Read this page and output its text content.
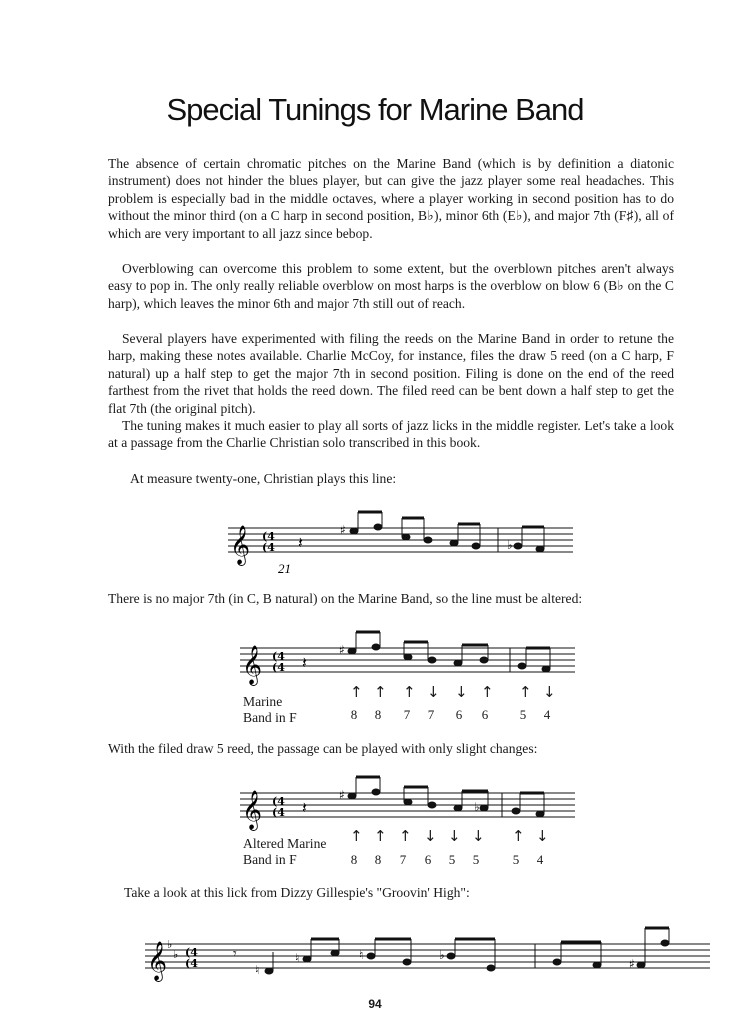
Special Tunings for Marine Band

The absence of certain chromatic pitches on the Marine Band (which is by definition a diatonic instrument) does not hinder the blues player, but can give the jazz player some real headaches. This problem is especially bad in the middle octaves, where a player working in second position has to do without the minor third (on a C harp in second position, B♭), minor 6th (E♭), and major 7th (F♯), all of which are very important to all jazz since bebop.

Overblowing can overcome this problem to some extent, but the overblown pitches aren't always easy to pop in. The only really reliable overblow on most harps is the overblow on blow 6 (B♭ on the C harp), which leaves the minor 6th and major 7th still out of reach.

Several players have experimented with filing the reeds on the Marine Band in order to retune the harp, making these notes available. Charlie McCoy, for instance, files the draw 5 reed (on a C harp, F natural) up a half step to get the major 7th in second position. Filing is done on the end of the reed farthest from the rivet that holds the reed down. The filed reed can be bent down a half step to get the flat 7th (the original pitch).

The tuning makes it much easier to play all sorts of jazz licks in the middle register. Let's take a look at a passage from the Charlie Christian solo transcribed in this book.

At measure twenty-one, Christian plays this line:

𝄞 (4
(4 𝄽
♯
♭
21

There is no major 7th (in C, B natural) on the Marine Band, so the line must be altered:

𝄞 (4
(4 𝄽
♯
Marine
Band in F
↑ ↑ ↑ ↓ ↓ ↑ ↑ ↓
8 8 7 7 6 6 5 4

With the filed draw 5 reed, the passage can be played with only slight changes:

𝄞 (4
(4 𝄽
♯
♭
Altered Marine
Band in F
↑ ↑ ↑ ↓ ↓ ↓ ↑ ↓
8 8 7 6 5 5	5 4

Take a look at this lick from Dizzy Gillespie's "Groovin' High":

𝄞 ♭
♭ (4
(4
𝄾
♮
♮	♮	♭
♯
94
